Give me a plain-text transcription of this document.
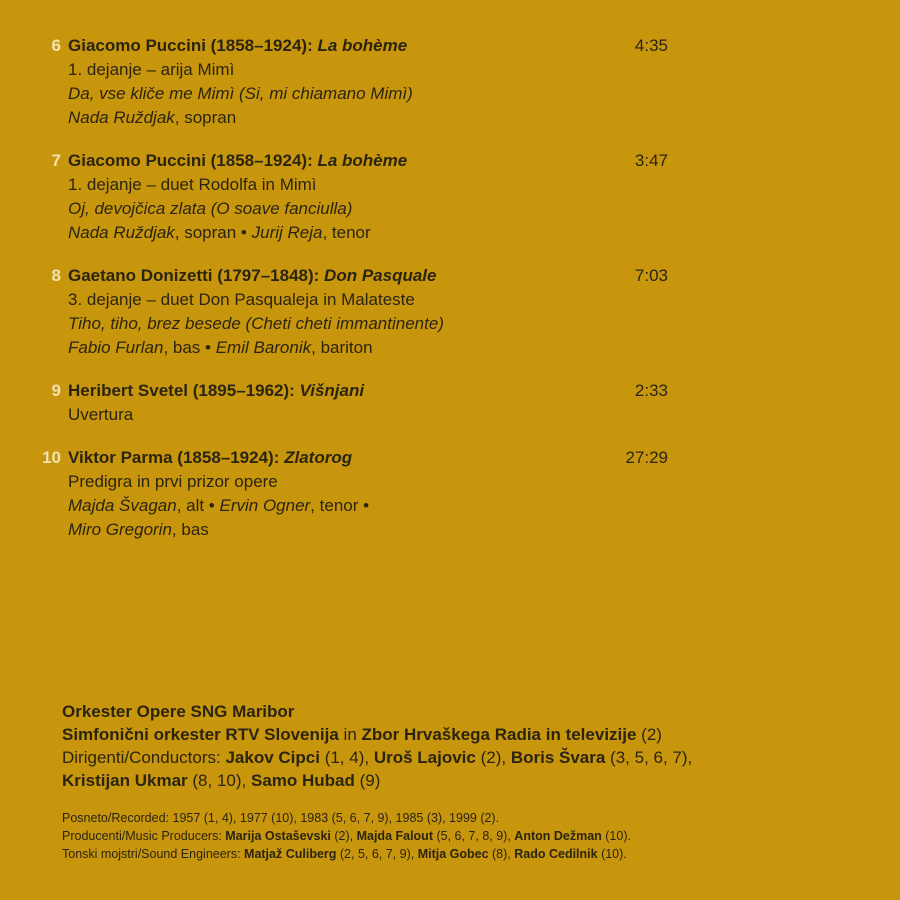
6 Giacomo Puccini (1858–1924): La bohème
1. dejanje – arija Mimì
Da, vse kliče me Mimì (Si, mi chiamano Mimì)
Nada Ruždjak, sopran
4:35
7 Giacomo Puccini (1858–1924): La bohème
1. dejanje – duet Rodolfa in Mimì
Oj, devojčica zlata (O soave fanciulla)
Nada Ruždjak, sopran • Jurij Reja, tenor
3:47
8 Gaetano Donizetti (1797–1848): Don Pasquale
3. dejanje – duet Don Pasqualeja in Malateste
Tiho, tiho, brez besede (Cheti cheti immantinente)
Fabio Furlan, bas • Emil Baronik, bariton
7:03
9 Heribert Svetel (1895–1962): Višnjani
Uvertura
2:33
10 Viktor Parma (1858–1924): Zlatorog
Predigra in prvi prizor opere
Majda Švagan, alt • Ervin Ogner, tenor •
Miro Gregorin, bas
27:29
Orkester Opere SNG Maribor
Simfonični orkester RTV Slovenija in Zbor Hrvaškega Radia in televizije (2)
Dirigenti/Conductors: Jakov Cipci (1, 4), Uroš Lajovic (2), Boris Švara (3, 5, 6, 7),
Kristijan Ukmar (8, 10), Samo Hubad (9)
Posneto/Recorded: 1957 (1, 4), 1977 (10), 1983 (5, 6, 7, 9), 1985 (3), 1999 (2).
Producenti/Music Producers: Marija Ostaševski (2), Majda Falout (5, 6, 7, 8, 9), Anton Dežman (10).
Tonski mojstri/Sound Engineers: Matjaž Culiberg (2, 5, 6, 7, 9), Mitja Gobec (8), Rado Cedilnik (10).
